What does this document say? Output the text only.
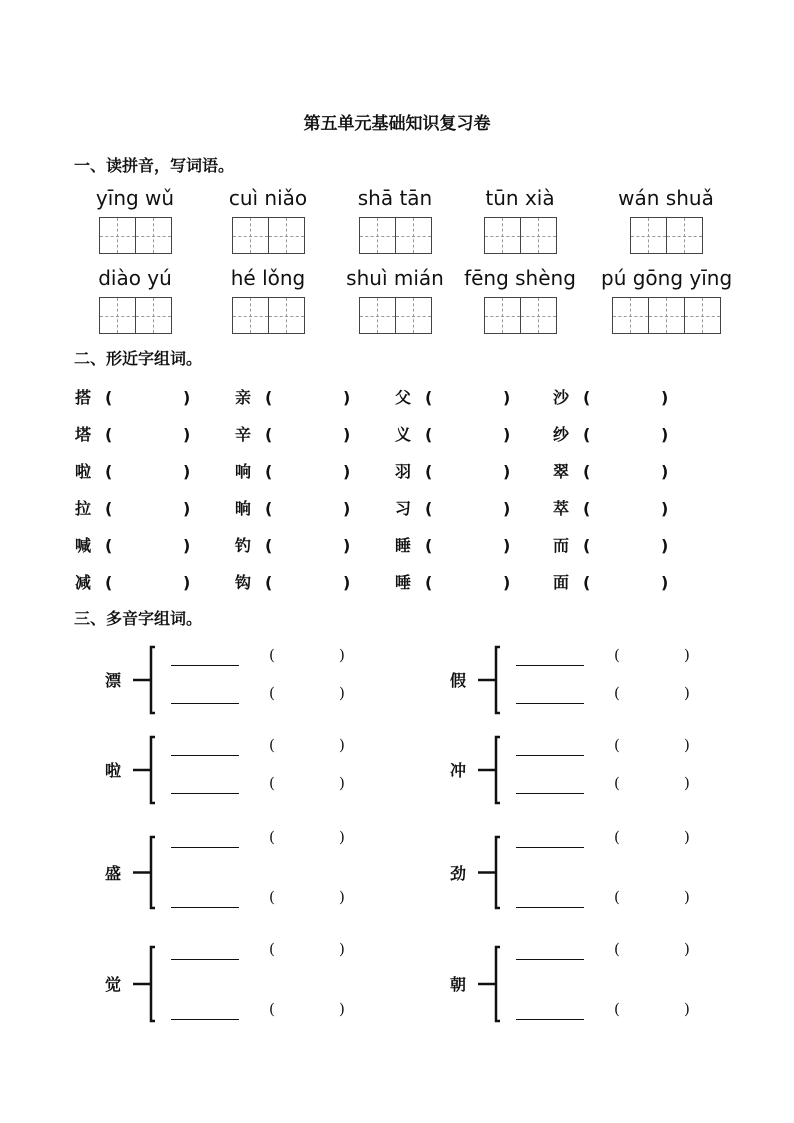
第五单元基础知识复习卷
一、读拼音，写词语。
yīng wǔ	cuì niǎo	shā tān	tūn xià	wán shuǎ
diào yú	hé lǒng	shuì mián	fēng shèng	pú gōng yīng
二、形近字组词。
搭 (	)	亲 (	)	父 (	)	沙 (	)
塔 (	)	辛 (	)	义 (	)	纱 (	)
啦 (	)	响 (	)	羽 (	)	翠 (	)
拉 (	)	晌 (	)	习 (	)	萃 (	)
喊 (	)	钓 (	)	睡 (	)	而 (	)
减 (	)	钩 (	)	唾 (	)	面 (	)
三、多音字组词。
漂
(	)
(	)
假
(	)
(	)
啦
(	)
(	)
冲
(	)
(	)
盛
(	)
(	)
劲
(	)
(	)
觉
(	)
(	)
朝
(	)
(	)
